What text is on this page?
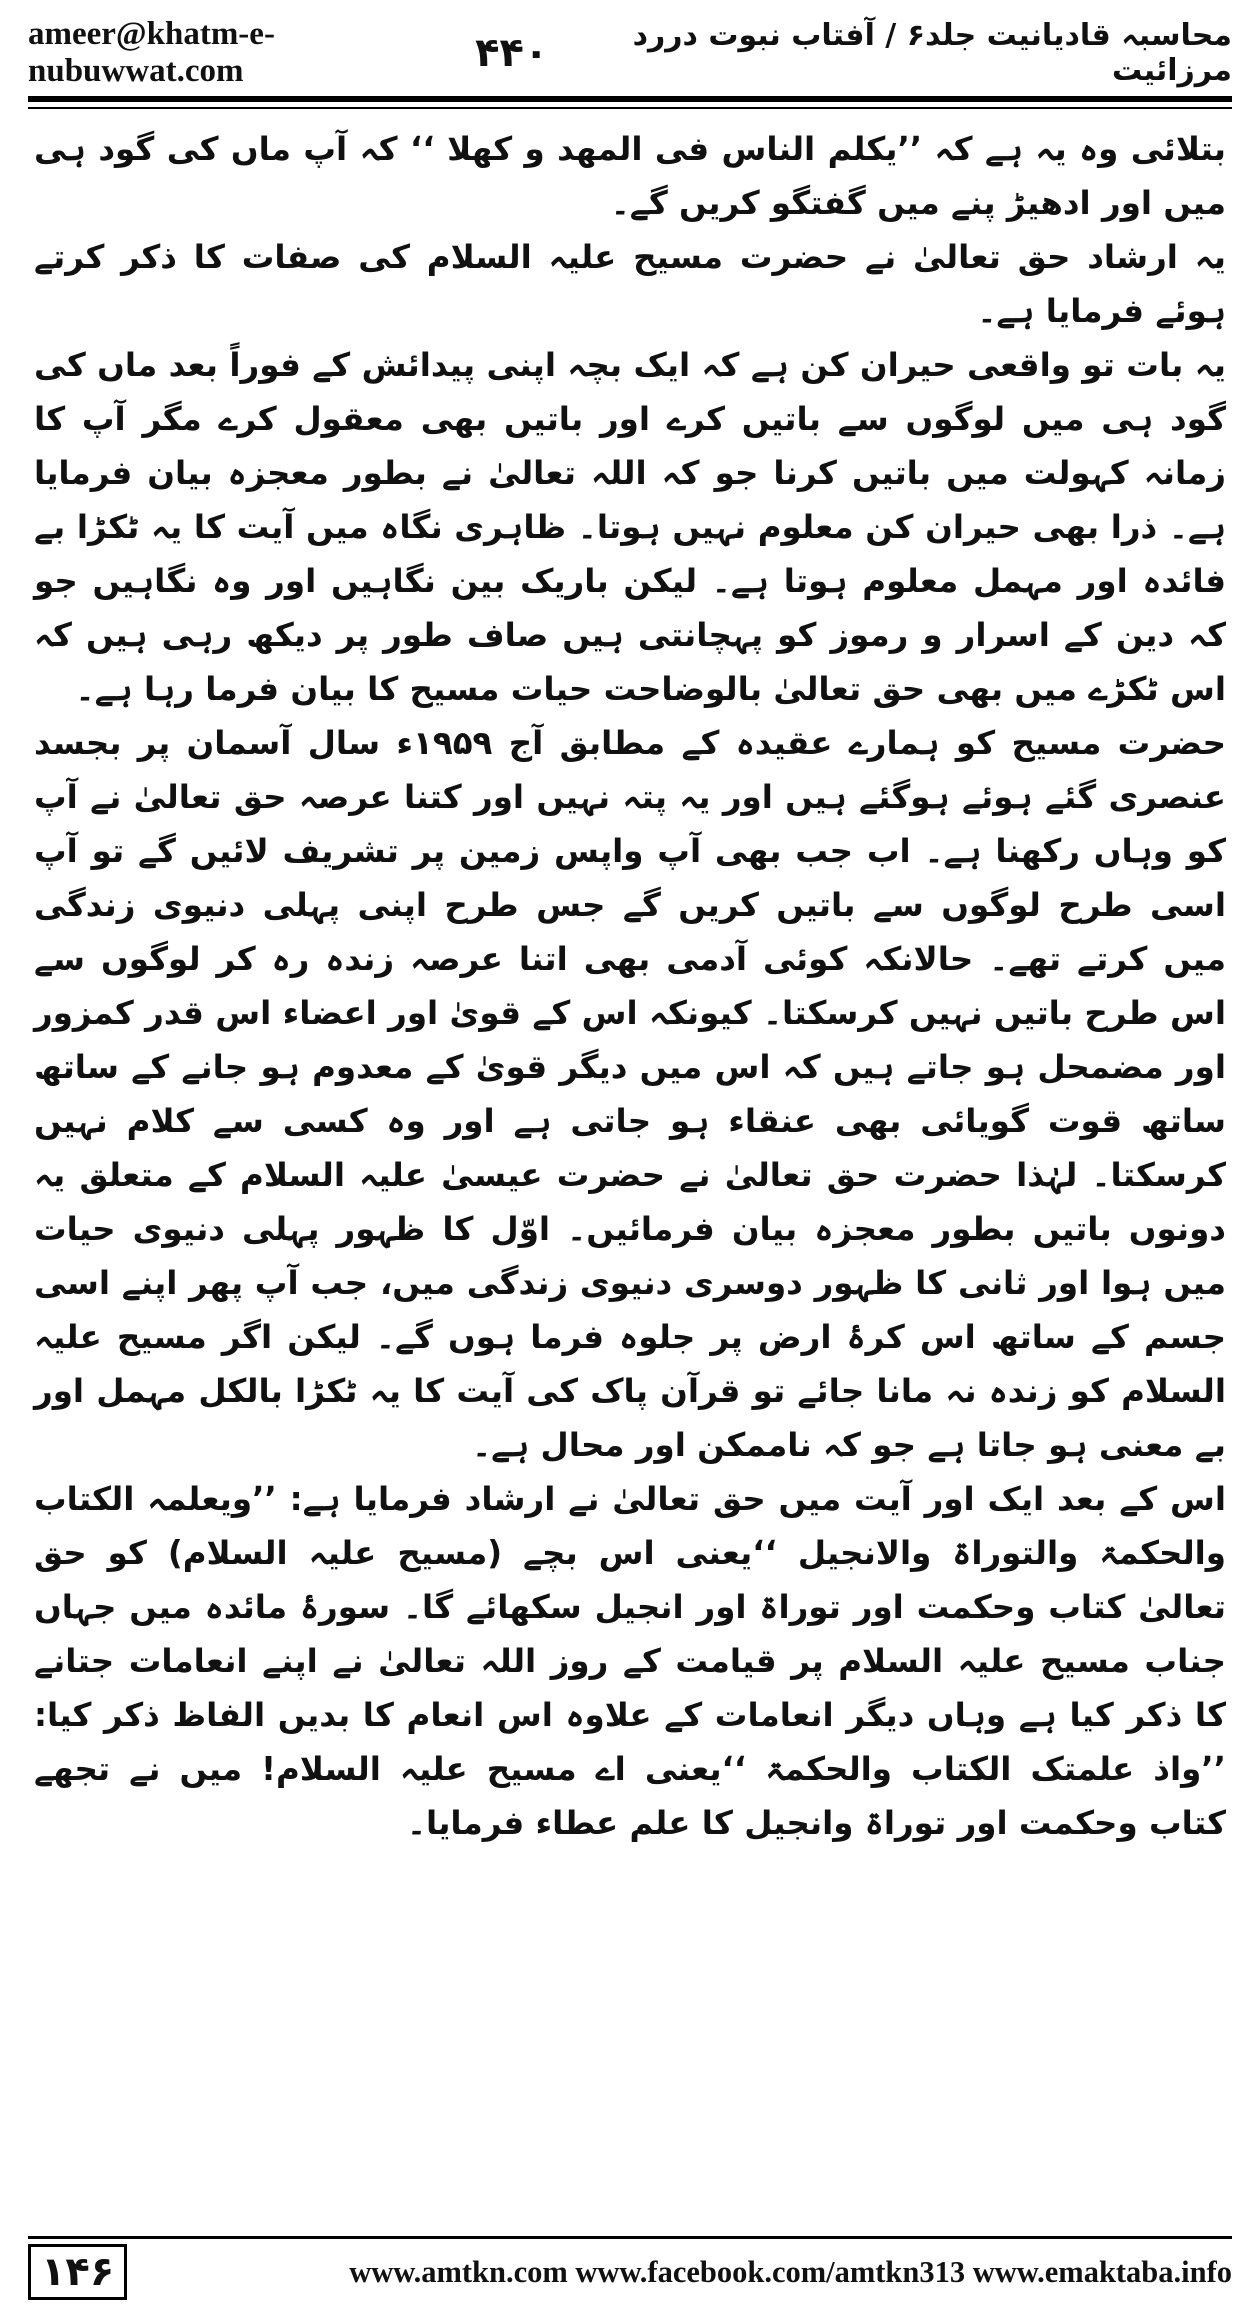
ameer@khatm-e-nubuwwat.com	۴۴۰	محاسبہ قادیانیت جلد۶ / آفتاب نبوت دررد مرزائیت

بتلائی وہ یہ ہے کہ ’’یکلم الناس فی المھد و کھلا ‘‘ کہ آپ ماں کی گود ہی میں اور ادھیڑ پنے میں گفتگو کریں گے۔

یہ ارشاد حق تعالیٰ نے حضرت مسیح علیہ السلام کی صفات کا ذکر کرتے ہوئے فرمایا ہے۔

یہ بات تو واقعی حیران کن ہے کہ ایک بچہ اپنی پیدائش کے فوراً بعد ماں کی گود ہی میں لوگوں سے باتیں کرے اور باتیں بھی معقول کرے مگر آپ کا زمانہ کہولت میں باتیں کرنا جو کہ اللہ تعالیٰ نے بطور معجزہ بیان فرمایا ہے۔ ذرا بھی حیران کن معلوم نہیں ہوتا۔ ظاہری نگاہ میں آیت کا یہ ٹکڑا بے فائدہ اور مہمل معلوم ہوتا ہے۔ لیکن باریک بین نگاہیں اور وہ نگاہیں جو کہ دین کے اسرار و رموز کو پہچانتی ہیں صاف طور پر دیکھ رہی ہیں کہ اس ٹکڑے میں بھی حق تعالیٰ بالوضاحت حیات مسیح کا بیان فرما رہا ہے۔

حضرت مسیح کو ہمارے عقیدہ کے مطابق آج ۱۹۵۹ء سال آسمان پر بجسد عنصری گئے ہوئے ہوگئے ہیں اور یہ پتہ نہیں اور کتنا عرصہ حق تعالیٰ نے آپ کو وہاں رکھنا ہے۔ اب جب بھی آپ واپس زمین پر تشریف لائیں گے تو آپ اسی طرح لوگوں سے باتیں کریں گے جس طرح اپنی پہلی دنیوی زندگی میں کرتے تھے۔ حالانکہ کوئی آدمی بھی اتنا عرصہ زندہ رہ کر لوگوں سے اس طرح باتیں نہیں کرسکتا۔ کیونکہ اس کے قویٰ اور اعضاء اس قدر کمزور اور مضمحل ہو جاتے ہیں کہ اس میں دیگر قویٰ کے معدوم ہو جانے کے ساتھ ساتھ قوت گویائی بھی عنقاء ہو جاتی ہے اور وہ کسی سے کلام نہیں کرسکتا۔ لہٰذا حضرت حق تعالیٰ نے حضرت عیسیٰ علیہ السلام کے متعلق یہ دونوں باتیں بطور معجزہ بیان فرمائیں۔ اوّل کا ظہور پہلی دنیوی حیات میں ہوا اور ثانی کا ظہور دوسری دنیوی زندگی میں، جب آپ پھر اپنے اسی جسم کے ساتھ اس کرۂ ارض پر جلوہ فرما ہوں گے۔ لیکن اگر مسیح علیہ السلام کو زندہ نہ مانا جائے تو قرآن پاک کی آیت کا یہ ٹکڑا بالکل مہمل اور بے معنی ہو جاتا ہے جو کہ ناممکن اور محال ہے۔

اس کے بعد ایک اور آیت میں حق تعالیٰ نے ارشاد فرمایا ہے: ’’ویعلمہ الکتاب والحکمۃ والتوراۃ والانجیل ‘‘یعنی اس بچے (مسیح علیہ السلام) کو حق تعالیٰ کتاب وحکمت اور توراۃ اور انجیل سکھائے گا۔ سورۂ مائدہ میں جہاں جناب مسیح علیہ السلام پر قیامت کے روز اللہ تعالیٰ نے اپنے انعامات جتانے کا ذکر کیا ہے وہاں دیگر انعامات کے علاوہ اس انعام کا بدیں الفاظ ذکر کیا: ’’واذ علمتک الکتاب والحکمۃ ‘‘یعنی اے مسیح علیہ السلام! میں نے تجھے کتاب وحکمت اور توراۃ وانجیل کا علم عطاء فرمایا۔

۱۴۶	www.amtkn.com www.facebook.com/amtkn313 www.emaktaba.info
